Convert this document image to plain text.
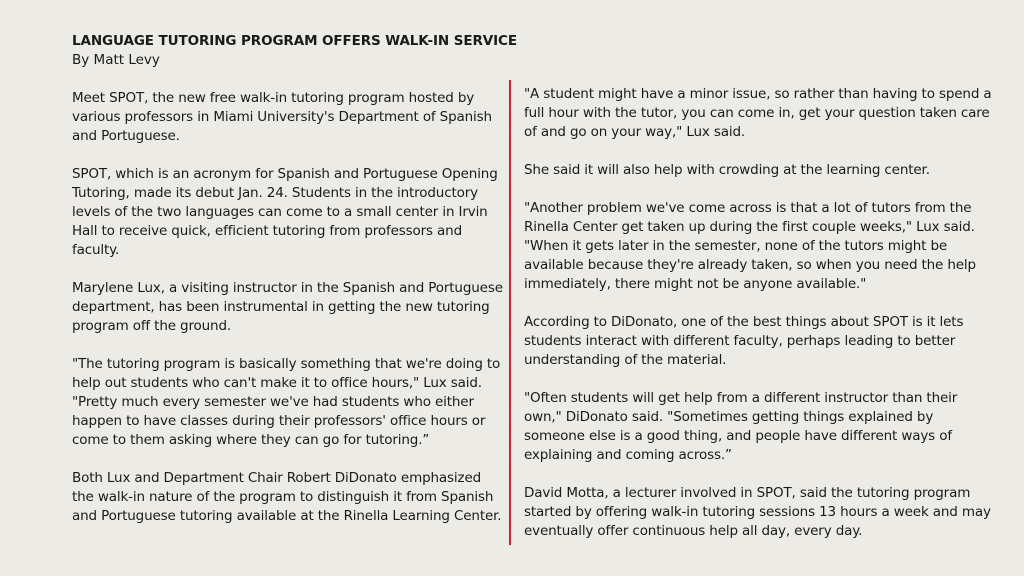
LANGUAGE TUTORING PROGRAM OFFERS WALK-IN SERVICE

By Matt Levy

Meet SPOT, the new free walk-in tutoring program hosted by various professors in Miami University's Department of Spanish and Portuguese.

SPOT, which is an acronym for Spanish and Portuguese Opening Tutoring, made its debut Jan. 24. Students in the introductory levels of the two languages can come to a small center in Irvin Hall to receive quick, efficient tutoring from professors and faculty.

Marylene Lux, a visiting instructor in the Spanish and Portuguese department, has been instrumental in getting the new tutoring program off the ground.

"The tutoring program is basically something that we're doing to help out students who can't make it to office hours," Lux said. "Pretty much every semester we've had students who either happen to have classes during their professors' office hours or come to them asking where they can go for tutoring.”

Both Lux and Department Chair Robert DiDonato emphasized the walk-in nature of the program to distinguish it from Spanish and Portuguese tutoring available at the Rinella Learning Center.

"A student might have a minor issue, so rather than having to spend a full hour with the tutor, you can come in, get your question taken care of and go on your way," Lux said.

She said it will also help with crowding at the learning center.

"Another problem we've come across is that a lot of tutors from the Rinella Center get taken up during the first couple weeks," Lux said. "When it gets later in the semester, none of the tutors might be available because they're already taken, so when you need the help immediately, there might not be anyone available."

According to DiDonato, one of the best things about SPOT is it lets students interact with different faculty, perhaps leading to better understanding of the material.

"Often students will get help from a different instructor than their own," DiDonato said. "Sometimes getting things explained by someone else is a good thing, and people have different ways of explaining and coming across.”

David Motta, a lecturer involved in SPOT, said the tutoring program started by offering walk-in tutoring sessions 13 hours a week and may eventually offer continuous help all day, every day.
